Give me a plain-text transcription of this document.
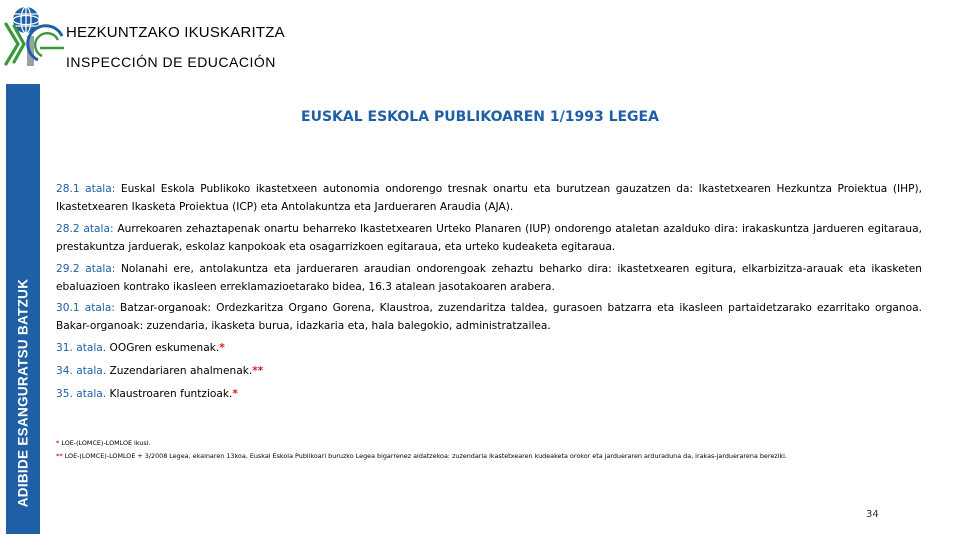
HEZKUNTZAKO IKUSKARITZA
INSPECCIÓN DE EDUCACIÓN
ADIBIDE ESANGURATSU BATZUK
EUSKAL ESKOLA PUBLIKOAREN 1/1993 LEGEA
28.1 atala: Euskal Eskola Publikoko ikastetxeen autonomia ondorengo tresnak onartu eta burutzean gauzatzen da: Ikastetxearen Hezkuntza Proiektua (IHP), Ikastetxearen Ikasketa Proiektua (ICP) eta Antolakuntza eta Jardueraren Araudia (AJA).
28.2 atala: Aurrekoaren zehaztapenak onartu beharreko Ikastetxearen Urteko Planaren (IUP) ondorengo ataletan azalduko dira: irakaskuntza jardueren egitaraua, prestakuntza jarduerak, eskolaz kanpokoak eta osagarrizkoen egitaraua, eta urteko kudeaketa egitaraua.
29.2 atala: Nolanahi ere, antolakuntza eta jardueraren araudian ondorengoak zehaztu beharko dira: ikastetxearen egitura, elkarbizitza-arauak eta ikasketen ebaluazioen kontrako ikasleen erreklamazioetarako bidea, 16.3 atalean jasotakoaren arabera.
30.1 atala: Batzar-organoak: Ordezkaritza Organo Gorena, Klaustroa, zuzendaritza taldea, gurasoen batzarra eta ikasleen partaidetzarako ezarritako organoa. Bakar-organoak: zuzendaria, ikasketa burua, idazkaria eta, hala balegokio, administratzailea.
31. atala. OOGren eskumenak.*
34. atala. Zuzendariaren ahalmenak.**
35. atala. Klaustroaren funtzioak.*
* LOE-(LOMCE)-LOMLOE ikusi.
** LOE-(LOMCE)-LOMLOE + 3/2008 Legea, ekainaren 13koa, Euskal Eskola Publikoari buruzko Legea bigarrenez aldatzekoa: zuzendaria ikastetxearen kudeaketa orokor eta jardueraren arduraduna da, irakas-jarduerarena bereziki.
34
